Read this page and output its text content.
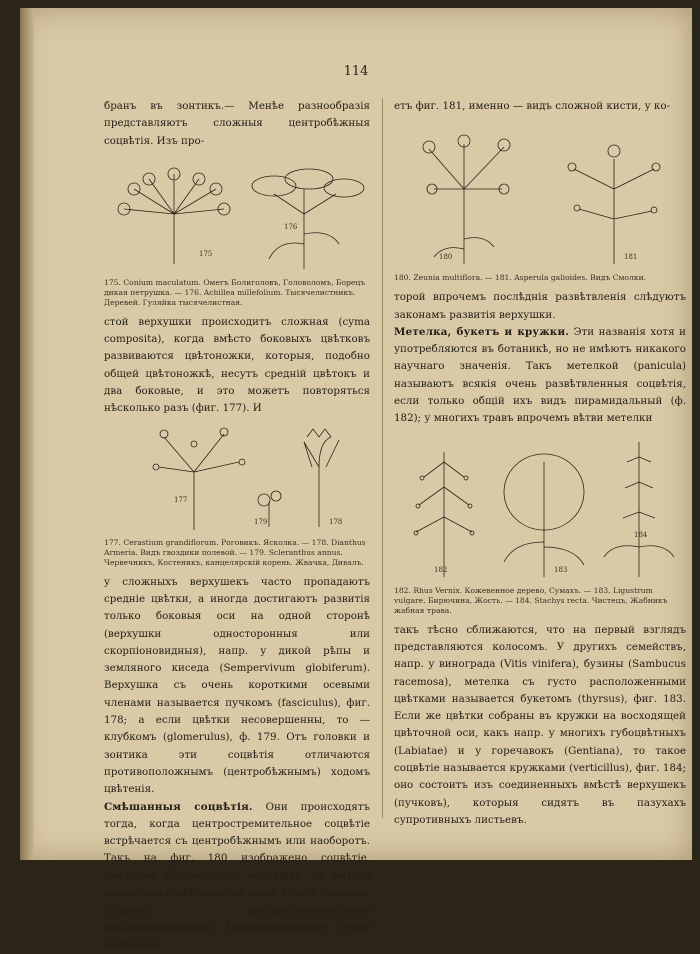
114
бранъ въ зонтикъ.— Менѣе разнообразія представляютъ сложныя центробѣжныя соцвѣтія. Изъ про-
175
176
175. Conium maculatum. Омегъ Болиголовъ, Головоломъ, Борецъ дикая петрушка. — 176. Achillea millefolium. Тысячелистникъ. Деревей. Гуляйка тысячелистная.
стой верхушки происходитъ сложная (cyma composita), когда вмѣсто боковыхъ цвѣтковъ развиваются цвѣтоножки, которыя, подобно общей цвѣтоножкѣ, несутъ средній цвѣтокъ и два боковые, и это можетъ повторяться нѣсколько разъ (фиг. 177). И
177
179	178
177. Cerastium grandiflorum. Роговикъ. Ясколка. — 178. Dianthus Armeria. Видъ гвоздики полевой. — 179. Scleranthus annus. Червечникъ, Костеникъ, канцелярскій корень. Жвачка, Дивалъ.
у сложныхъ верхушекъ часто пропадаютъ средніе цвѣтки, а иногда достигаютъ развитія только боковыя оси на одной сторонѣ (верхушки односторонныя или скорпіоновидныя), напр. у дикой рѣпы и земляного киседа (Sempervivum globiferum). Верхушка съ очень короткими осевыми членами называется пучкомъ (fasciculus), фиг. 178; а если цвѣтки несовершенны, то — клубкомъ (glomerulus), ф. 179. Отъ головки и зонтика эти соцвѣтія отличаются противоположнымъ (центробѣжнымъ) ходомъ цвѣтенія.
Смѣшанныя соцвѣтія. Они происходятъ тогда, когда центростремительное соцвѣтіе встрѣчается съ центробѣжнымъ или наоборотъ. Такъ на фиг. 180 изображено соцвѣтіе, имѣющее общую форму верхушки, но вмѣсто одиночныхъ цвѣтковъ на немъ стоятъ головки. слѣдоват. центростремительныя цвѣторасположенія. Противоположное этому изобража-
етъ фиг. 181, именно — видъ сложной кисти, у ко-
180	181
180. Zeunia multiflora. — 181. Asperula galioides. Видъ Смолки.
торой впрочемъ послѣднія развѣтвленія слѣдуютъ законамъ развитія верхушки.
Метелка, букетъ и кружки. Эти названія хотя и употребляются въ ботаникѣ, но не имѣютъ никакого научнаго значенія. Такъ метелкой (panicula) называютъ всякія очень развѣтвленныя соцвѣтія, если только общій ихъ видъ пирамидальный (ф. 182); у многихъ травъ впрочемъ вѣтви метелки
182	183
184
182. Rhus Vernix. Кожевенное дерево, Сумахъ. — 183. Ligustrum vulgare. Бирючина, Жость. — 184. Stachys recta. Чистецъ, Жабникъ жабная трава.
такъ тѣсно сближаются, что на первый взглядъ представляются колосомъ. У другихъ семействъ, напр. у винограда (Vitis vinifera), бузины (Sambucus racemosa), метелка съ густо расположенными цвѣтками называется букетомъ (thyrsus), фиг. 183. Если же цвѣтки собраны въ кружки на восходящей цвѣточной оси, какъ напр. у многихъ губоцвѣтныхъ (Labiatae) и у горечавокъ (Gentiana), то такое соцвѣтіе называется кружками (verticillus), фиг. 184; оно состоитъ изъ соединенныхъ вмѣстѣ верхушекъ (пучковъ), которыя сидятъ въ пазухахъ супротивныхъ листьевъ.
